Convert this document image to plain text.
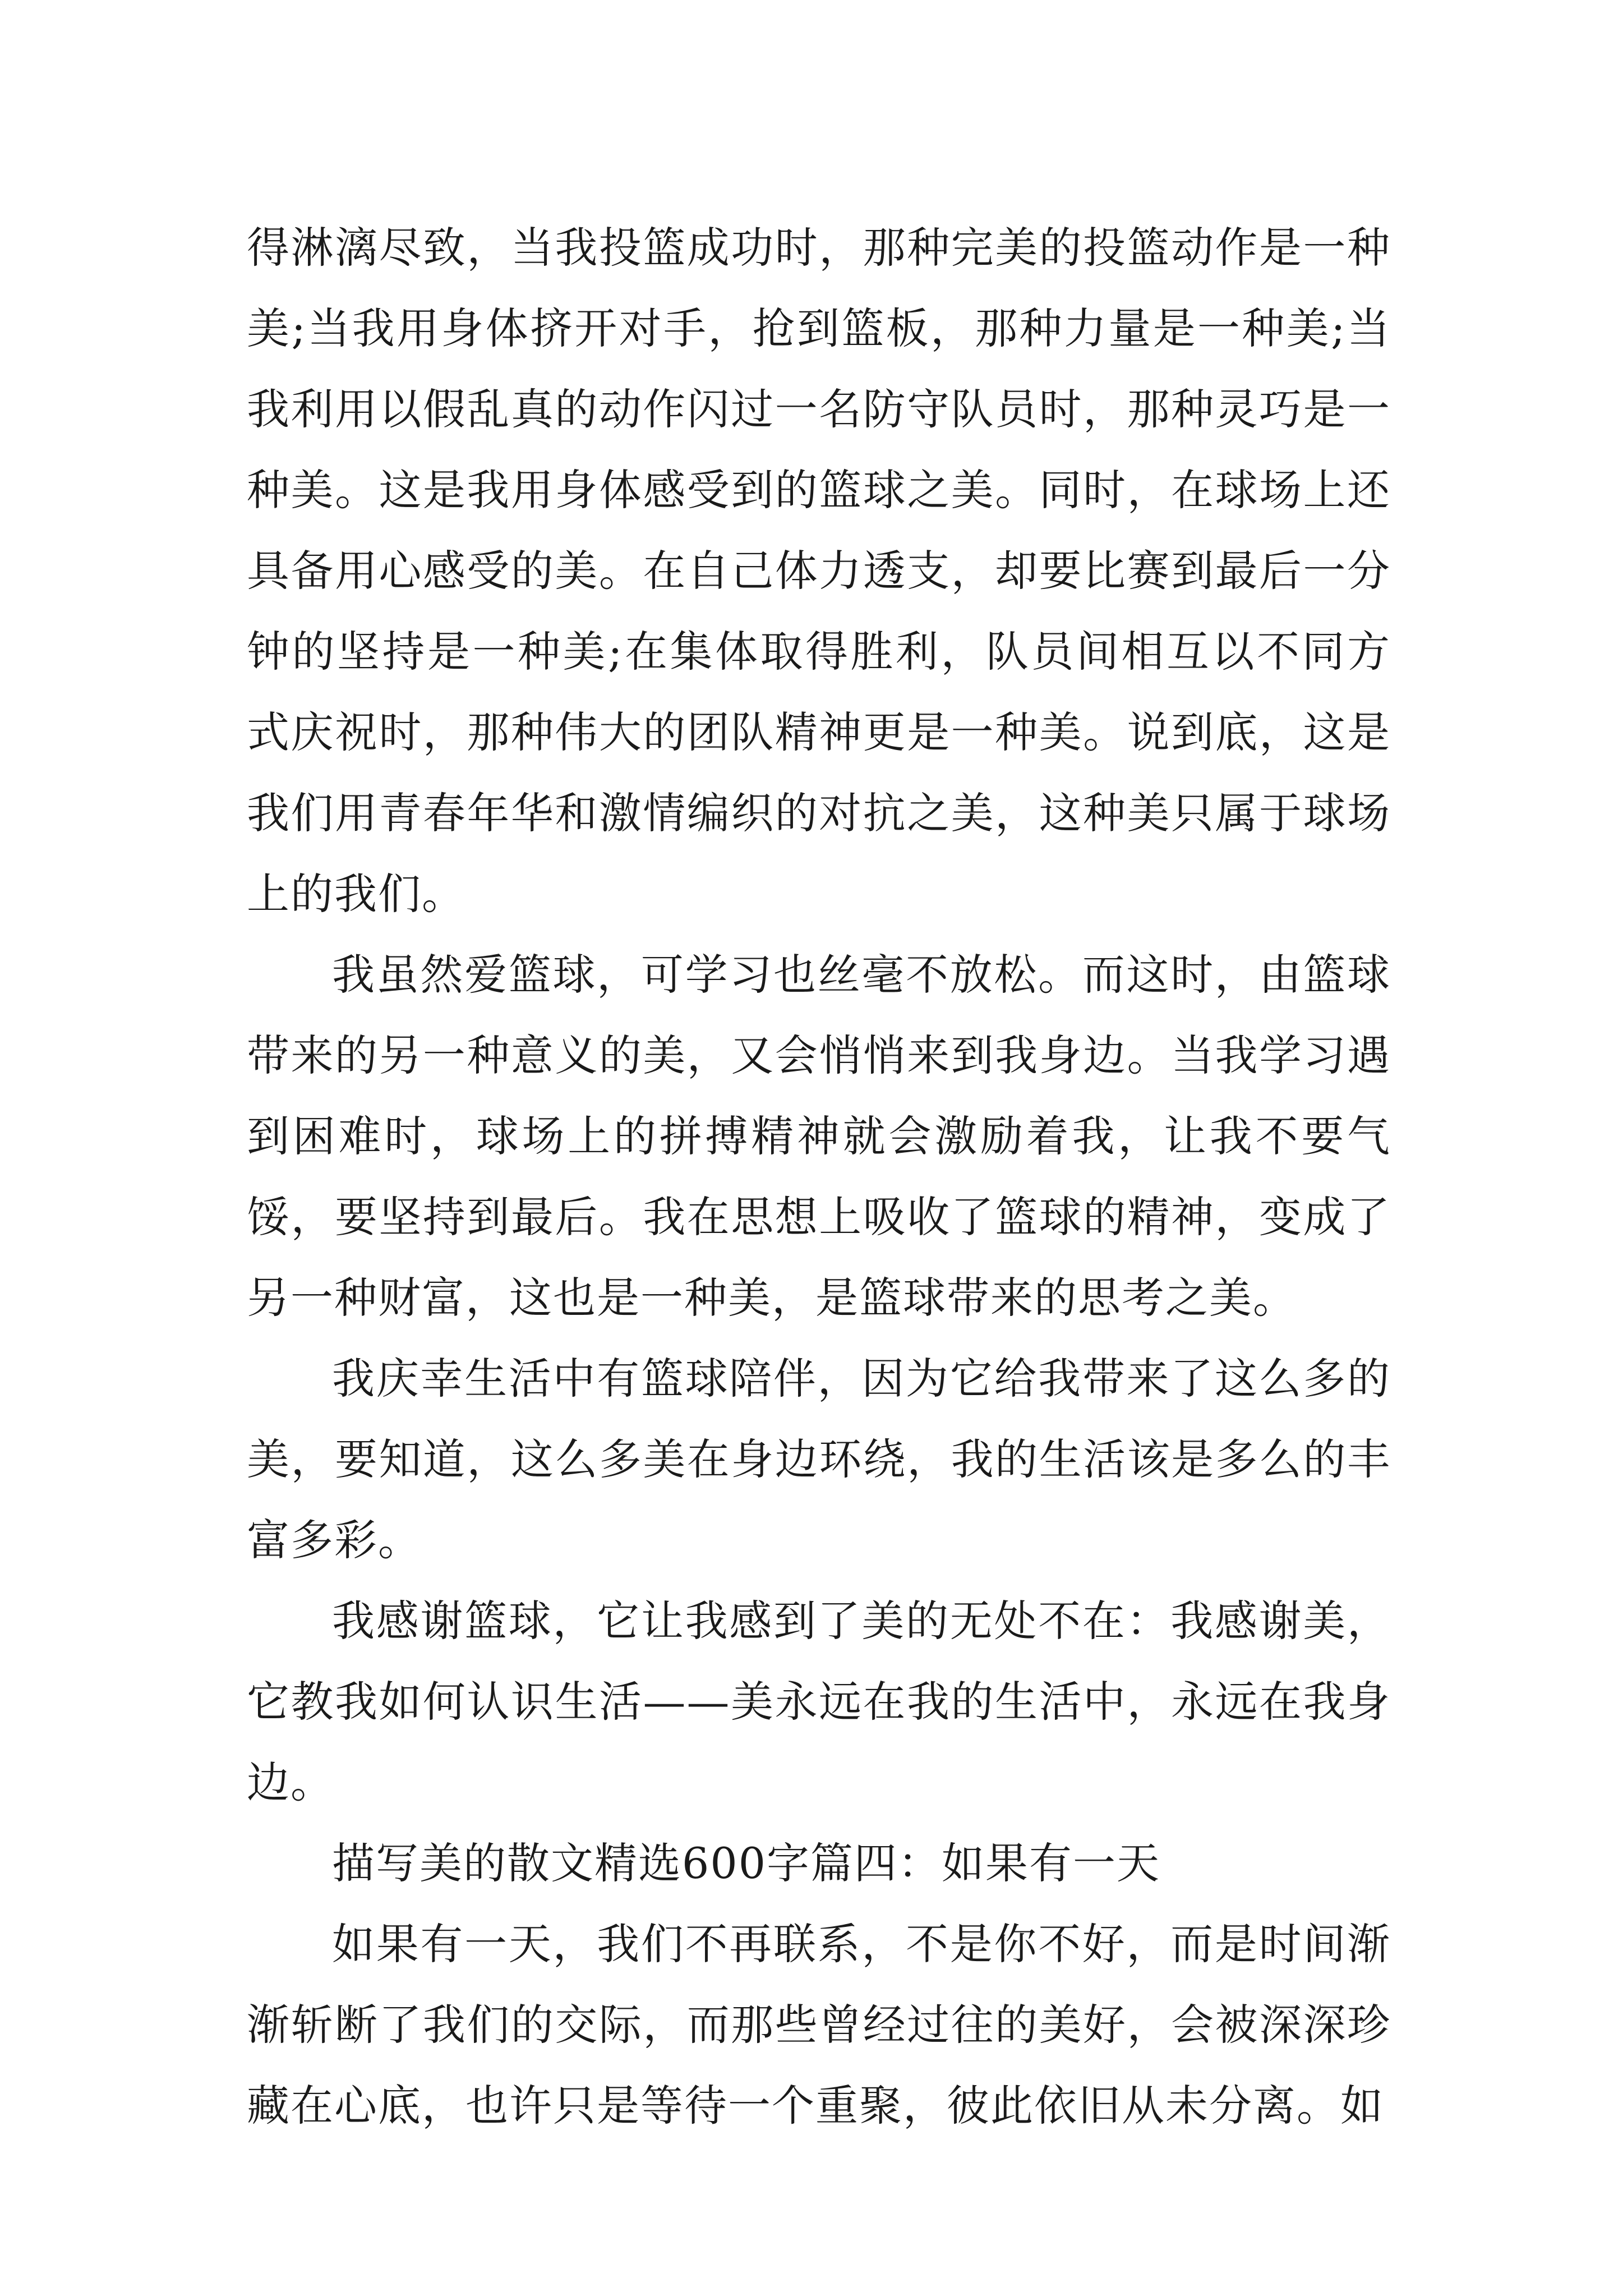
得淋漓尽致，当我投篮成功时，那种完美的投篮动作是一种美;当我用身体挤开对手，抢到篮板，那种力量是一种美;当我利用以假乱真的动作闪过一名防守队员时，那种灵巧是一种美。这是我用身体感受到的篮球之美。同时，在球场上还具备用心感受的美。在自己体力透支，却要比赛到最后一分钟的坚持是一种美;在集体取得胜利，队员间相互以不同方式庆祝时，那种伟大的团队精神更是一种美。说到底，这是我们用青春年华和激情编织的对抗之美，这种美只属于球场上的我们。

我虽然爱篮球，可学习也丝毫不放松。而这时，由篮球带来的另一种意义的美，又会悄悄来到我身边。当我学习遇到困难时，球场上的拼搏精神就会激励着我，让我不要气馁，要坚持到最后。我在思想上吸收了篮球的精神，变成了另一种财富，这也是一种美，是篮球带来的思考之美。

我庆幸生活中有篮球陪伴，因为它给我带来了这么多的美，要知道，这么多美在身边环绕，我的生活该是多么的丰富多彩。

我感谢篮球，它让我感到了美的无处不在：我感谢美，它教我如何认识生活——美永远在我的生活中，永远在我身边。

描写美的散文精选600字篇四：如果有一天

如果有一天，我们不再联系，不是你不好，而是时间渐渐斩断了我们的交际，而那些曾经过往的美好，会被深深珍藏在心底，也许只是等待一个重聚，彼此依旧从未分离。如
